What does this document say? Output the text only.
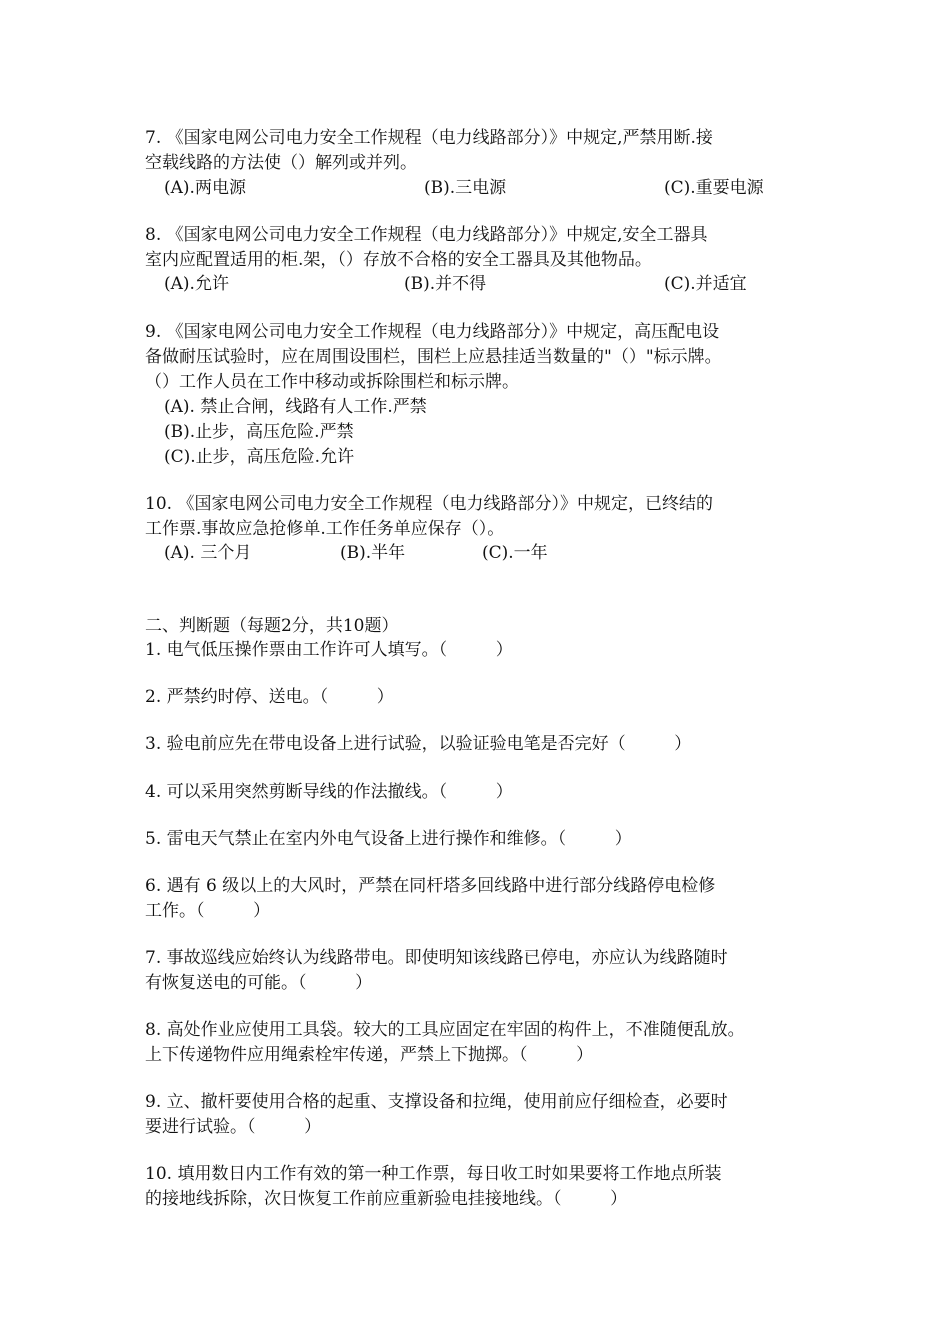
7. 《国家电网公司电力安全工作规程（电力线路部分）》中规定,严禁用断.接
空载线路的方法使（）解列或并列。
(A).两电源	(B).三电源	(C).重要电源
8. 《国家电网公司电力安全工作规程（电力线路部分）》中规定,安全工器具
室内应配置适用的柜.架，（）存放不合格的安全工器具及其他物品。
(A).允许	(B).并不得	(C).并适宜
9. 《国家电网公司电力安全工作规程（电力线路部分）》中规定，高压配电设
备做耐压试验时，应在周围设围栏，围栏上应悬挂适当数量的"（）"标示牌。
（）工作人员在工作中移动或拆除围栏和标示牌。
(A). 禁止合闸，线路有人工作.严禁
(B).止步，高压危险.严禁
(C).止步，高压危险.允许
10. 《国家电网公司电力安全工作规程（电力线路部分）》中规定，已终结的
工作票.事故应急抢修单.工作任务单应保存（）。
(A). 三个月	(B).半年	(C).一年
二、判断题（每题2分，共10题）
1. 电气低压操作票由工作许可人填写。（         ）
2. 严禁约时停、送电。（         ）
3. 验电前应先在带电设备上进行试验，以验证验电笔是否完好（         ）
4. 可以采用突然剪断导线的作法撤线。（         ）
5. 雷电天气禁止在室内外电气设备上进行操作和维修。（         ）
6. 遇有 6 级以上的大风时，严禁在同杆塔多回线路中进行部分线路停电检修
工作。（         ）
7. 事故巡线应始终认为线路带电。即使明知该线路已停电，亦应认为线路随时
有恢复送电的可能。（         ）
8. 高处作业应使用工具袋。较大的工具应固定在牢固的构件上，不准随便乱放。
上下传递物件应用绳索栓牢传递，严禁上下抛掷。（         ）
9. 立、撤杆要使用合格的起重、支撑设备和拉绳，使用前应仔细检查，必要时
要进行试验。（         ）
10. 填用数日内工作有效的第一种工作票，每日收工时如果要将工作地点所装
的接地线拆除，次日恢复工作前应重新验电挂接地线。（         ）
